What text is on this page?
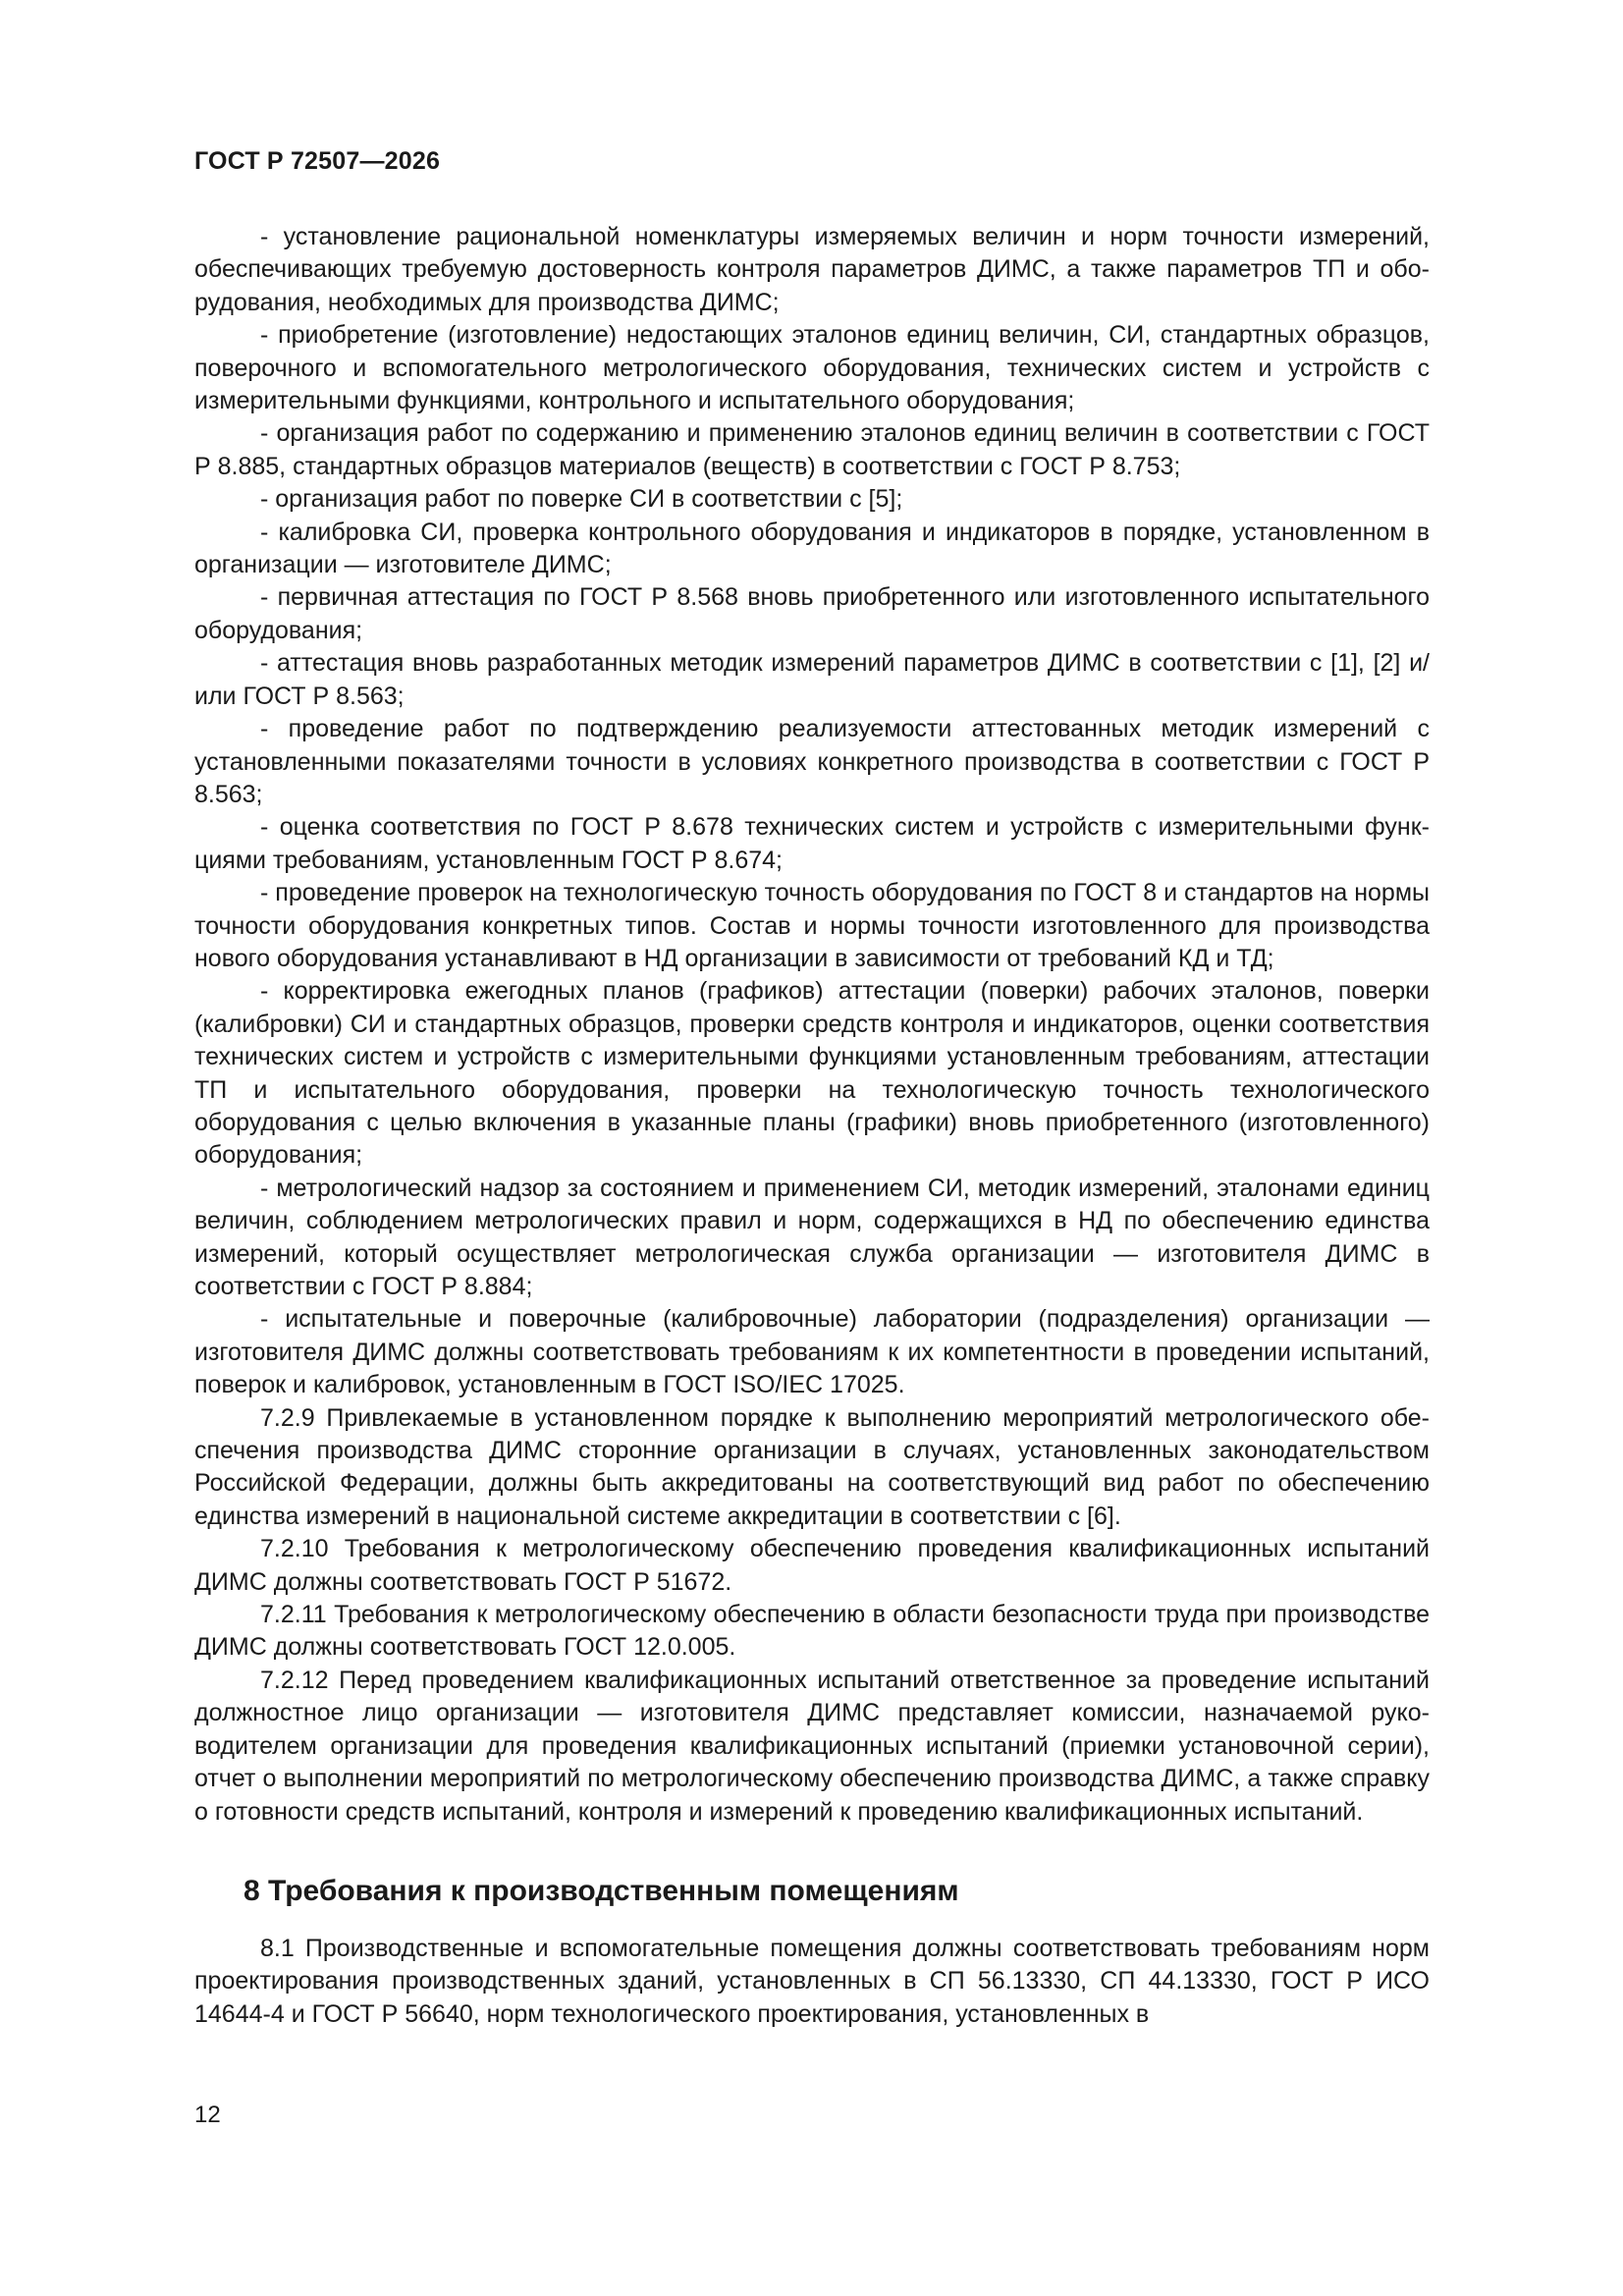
ГОСТ Р 72507—2026

- установление рациональной номенклатуры измеряемых величин и норм точности измерений, обеспечивающих требуемую достоверность контроля параметров ДИМС, а также параметров ТП и оборудования, необходимых для производства ДИМС;

- приобретение (изготовление) недостающих эталонов единиц величин, СИ, стандартных образцов, поверочного и вспомогательного метрологического оборудования, технических систем и устройств с измерительными функциями, контрольного и испытательного оборудования;

- организация работ по содержанию и применению эталонов единиц величин в соответствии с ГОСТ Р 8.885, стандартных образцов материалов (веществ) в соответствии с ГОСТ Р 8.753;

- организация работ по поверке СИ в соответствии с [5];

- калибровка СИ, проверка контрольного оборудования и индикаторов в порядке, установленном в организации — изготовителе ДИМС;

- первичная аттестация по ГОСТ Р 8.568 вновь приобретенного или изготовленного испытательного оборудования;

- аттестация вновь разработанных методик измерений параметров ДИМС в соответствии с [1], [2] и/или ГОСТ Р 8.563;

- проведение работ по подтверждению реализуемости аттестованных методик измерений с установленными показателями точности в условиях конкретного производства в соответствии с ГОСТ Р 8.563;

- оценка соответствия по ГОСТ Р 8.678 технических систем и устройств с измерительными функциями требованиям, установленным ГОСТ Р 8.674;

- проведение проверок на технологическую точность оборудования по ГОСТ 8 и стандартов на нормы точности оборудования конкретных типов. Состав и нормы точности изготовленного для производства нового оборудования устанавливают в НД организации в зависимости от требований КД и ТД;

- корректировка ежегодных планов (графиков) аттестации (поверки) рабочих эталонов, поверки (калибровки) СИ и стандартных образцов, проверки средств контроля и индикаторов, оценки соответствия технических систем и устройств с измерительными функциями установленным требованиям, аттестации ТП и испытательного оборудования, проверки на технологическую точность технологического оборудования с целью включения в указанные планы (графики) вновь приобретенного (изготовленного) оборудования;

- метрологический надзор за состоянием и применением СИ, методик измерений, эталонами единиц величин, соблюдением метрологических правил и норм, содержащихся в НД по обеспечению единства измерений, который осуществляет метрологическая служба организации — изготовителя ДИМС в соответствии с ГОСТ Р 8.884;

- испытательные и поверочные (калибровочные) лаборатории (подразделения) организации — изготовителя ДИМС должны соответствовать требованиям к их компетентности в проведении испытаний, поверок и калибровок, установленным в ГОСТ ISO/IEC 17025.

7.2.9 Привлекаемые в установленном порядке к выполнению мероприятий метрологического обеспечения производства ДИМС сторонние организации в случаях, установленных законодательством Российской Федерации, должны быть аккредитованы на соответствующий вид работ по обеспечению единства измерений в национальной системе аккредитации в соответствии с [6].

7.2.10 Требования к метрологическому обеспечению проведения квалификационных испытаний ДИМС должны соответствовать ГОСТ Р 51672.

7.2.11 Требования к метрологическому обеспечению в области безопасности труда при производстве ДИМС должны соответствовать ГОСТ 12.0.005.

7.2.12 Перед проведением квалификационных испытаний ответственное за проведение испытаний должностное лицо организации — изготовителя ДИМС представляет комиссии, назначаемой руководителем организации для проведения квалификационных испытаний (приемки установочной серии), отчет о выполнении мероприятий по метрологическому обеспечению производства ДИМС, а также справку о готовности средств испытаний, контроля и измерений к проведению квалификационных испытаний.

8 Требования к производственным помещениям

8.1 Производственные и вспомогательные помещения должны соответствовать требованиям норм проектирования производственных зданий, установленных в СП 56.13330, СП 44.13330, ГОСТ Р ИСО 14644-4 и ГОСТ Р 56640, норм технологического проектирования, установленных в

12
